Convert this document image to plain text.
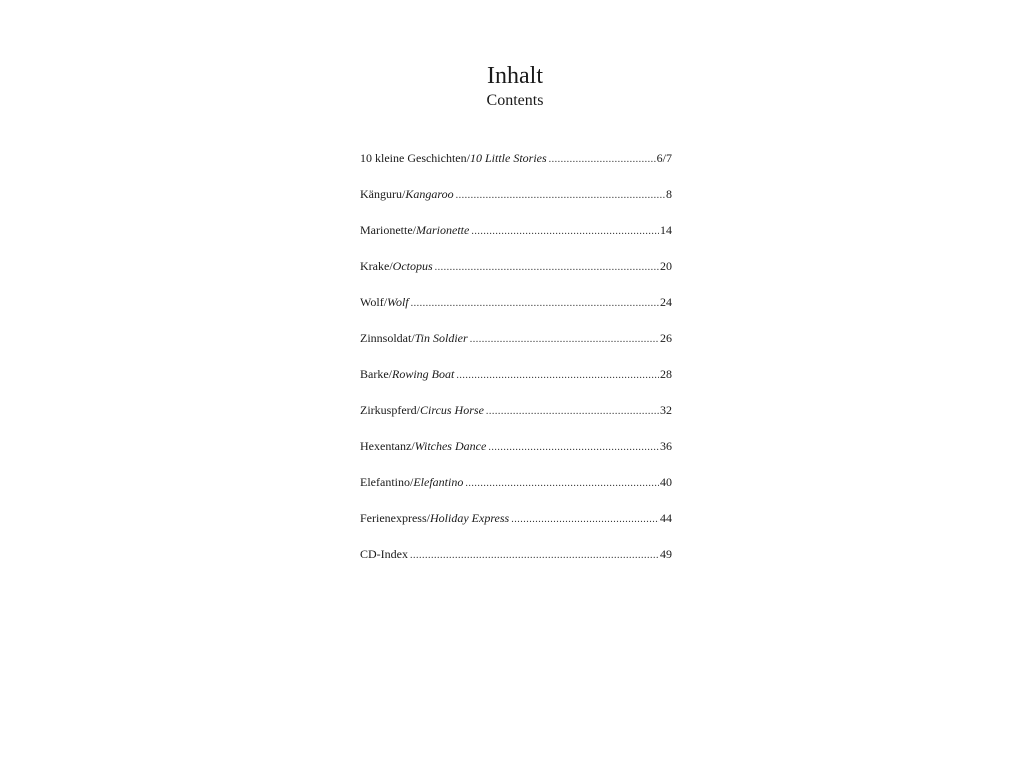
Inhalt
Contents
10 kleine Geschichten / 10 Little Stories .....	6/7
Känguru / Kangaroo .....	8
Marionette / Marionette .....	14
Krake / Octopus .....	20
Wolf / Wolf .....	24
Zinnsoldat / Tin Soldier .....	26
Barke / Rowing Boat .....	28
Zirkuspferd / Circus Horse .....	32
Hexentanz / Witches Dance .....	36
Elefantino / Elefantino .....	40
Ferienexpress / Holiday Express .....	44
CD-Index .....	49
